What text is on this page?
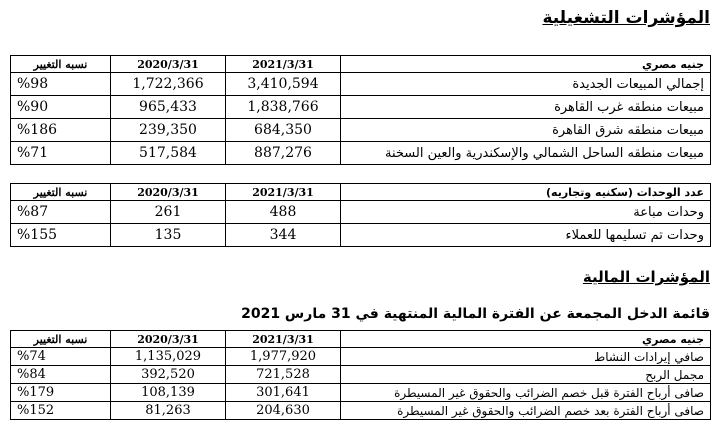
المؤشرات التشغيلية
نسبه التغيير	2020/3/31	2021/3/31	جنيه مصري
%98	1,722,366	3,410,594	إجمالي المبيعات الجديدة
%90	965,433	1,838,766	مبيعات منطقه غرب القاهرة
%186	239,350	684,350	مبيعات منطقه شرق القاهرة
%71	517,584	887,276	مبيعات منطقه الساحل الشمالي والإسكندرية والعين السخنة
نسبه التغيير	2020/3/31	2021/3/31	عدد الوحدات (سكنيه وتجاريه)
%87	261	488	وحدات مباعة
%155	135	344	وحدات تم تسليمها للعملاء
المؤشرات المالية
قائمة الدخل المجمعة عن الفترة المالية المنتهية في 31 مارس 2021
نسبه التغيير	2020/3/31	2021/3/31	جنيه مصري
%74	1,135,029	1,977,920	صافي إيرادات النشاط
%84	392,520	721,528	مجمل الربح
%179	108,139	301,641	صافى أرباح الفترة قبل خصم الضرائب والحقوق غير المسيطرة
%152	81,263	204,630	صافى أرباح الفترة بعد خصم الضرائب والحقوق غير المسيطرة
